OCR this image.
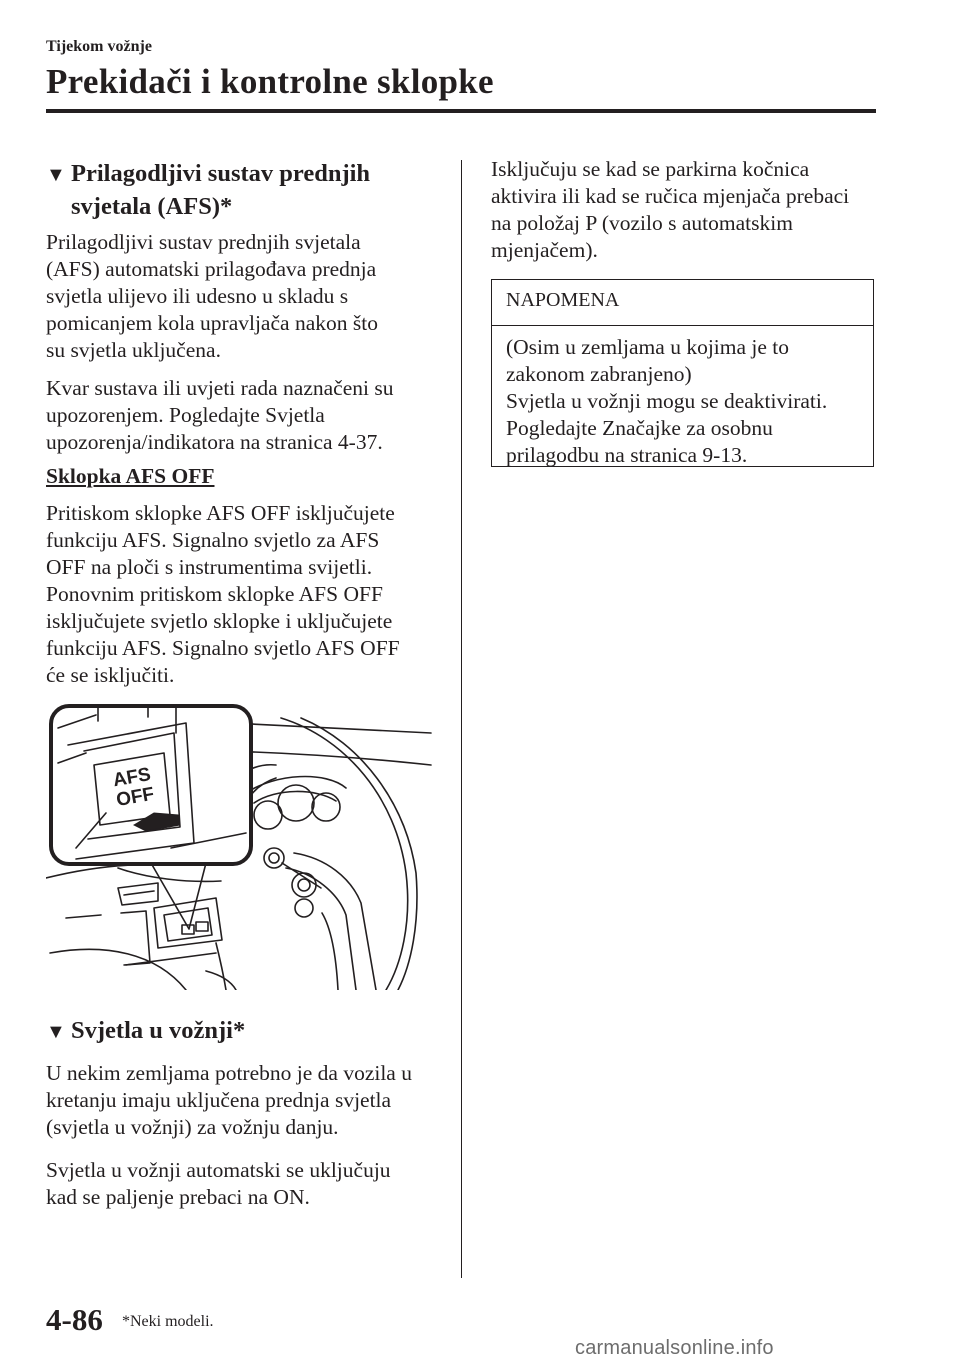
Tijekom vožnje
Prekidači i kontrolne sklopke
▼ Prilagodljivi sustav prednjih
svjetala (AFS)*

Prilagodljivi sustav prednjih svjetala

(AFS) automatski prilagođava prednja

svjetla ulijevo ili udesno u skladu s

pomicanjem kola upravljača nakon što

su svjetla uključena.

Kvar sustava ili uvjeti rada naznačeni su

upozorenjem. Pogledajte Svjetla

upozorenja/indikatora na stranica 4-37.

Sklopka AFS OFF

Pritiskom sklopke AFS OFF isključujete

funkciju AFS. Signalno svjetlo za AFS

OFF na ploči s instrumentima svijetli.

Ponovnim pritiskom sklopke AFS OFF

isključujete svjetlo sklopke i uključujete

funkciju AFS. Signalno svjetlo AFS OFF

će se isključiti.

AFS
OFF
▼ Svjetla u vožnji*

U nekim zemljama potrebno je da vozila u

kretanju imaju uključena prednja svjetla

(svjetla u vožnji) za vožnju danju.

Svjetla u vožnji automatski se uključuju

kad se paljenje prebaci na ON.

Isključuju se kad se parkirna kočnica

aktivira ili kad se ručica mjenjača prebaci

na položaj P (vozilo s automatskim

mjenjačem).

NAPOMENA
(Osim u zemljama u kojima je to
zakonom zabranjeno)
Svjetla u vožnji mogu se deaktivirati.
Pogledajte Značajke za osobnu
prilagodbu na stranica 9-13.
4-86 *Neki modeli.
carmanualsonline.info
